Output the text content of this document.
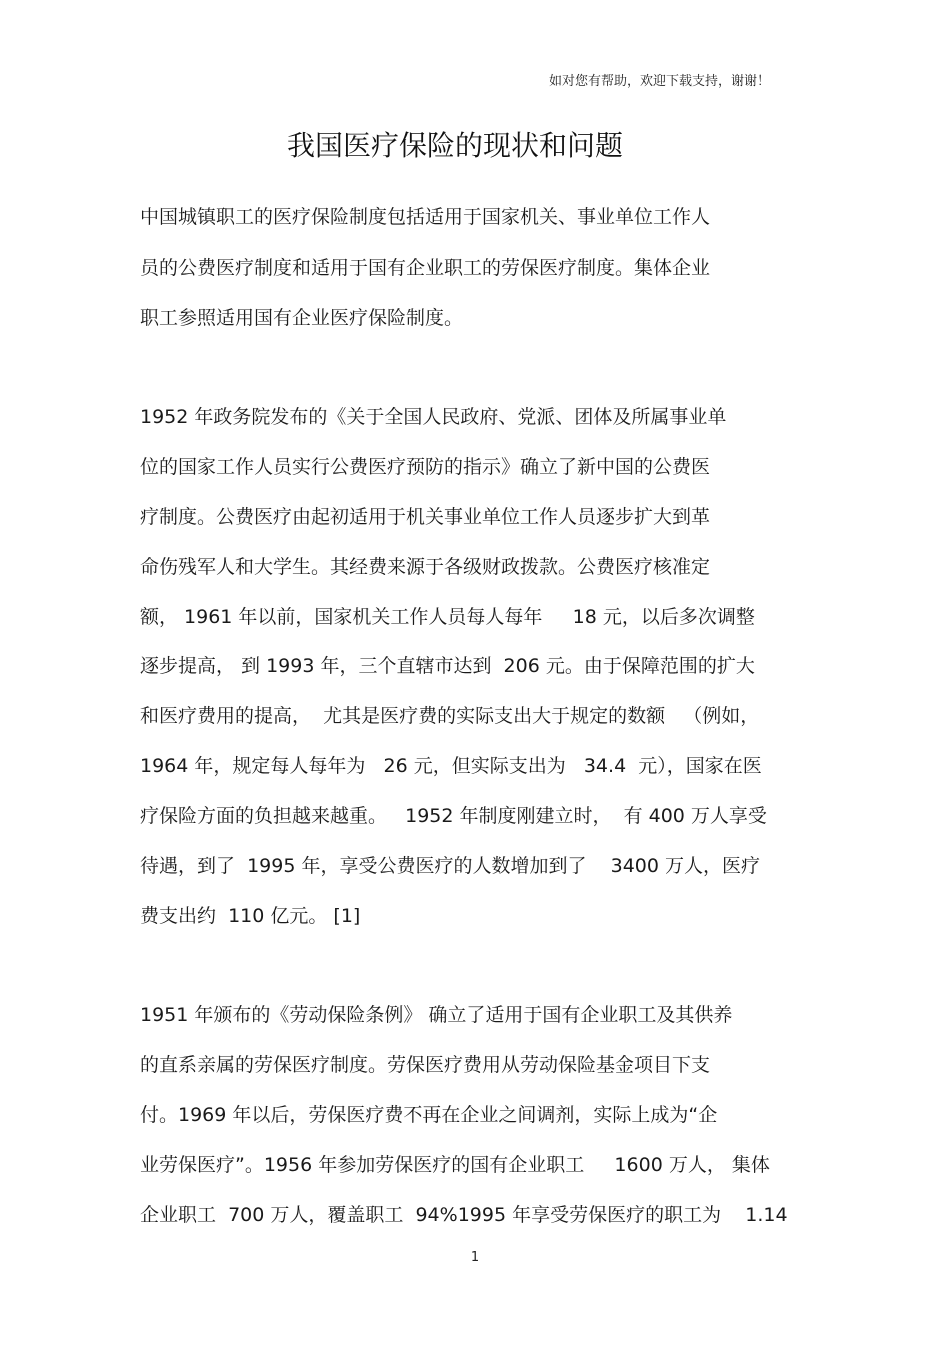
如对您有帮助，欢迎下载支持，谢谢！
我国医疗保险的现状和问题
中国城镇职工的医疗保险制度包括适用于国家机关、事业单位工作人
员的公费医疗制度和适用于国有企业职工的劳保医疗制度。集体企业
职工参照适用国有企业医疗保险制度。
1952 年政务院发布的《关于全国人民政府、党派、团体及所属事业单
位的国家工作人员实行公费医疗预防的指示》确立了新中国的公费医
疗制度。公费医疗由起初适用于机关事业单位工作人员逐步扩大到革
命伤残军人和大学生。其经费来源于各级财政拨款。公费医疗核准定
额， 1961 年以前，国家机关工作人员每人每年     18 元，以后多次调整
逐步提高， 到 1993 年，三个直辖市达到  206 元。由于保障范围的扩大
和医疗费用的提高，  尤其是医疗费的实际支出大于规定的数额   （例如，
1964 年，规定每人每年为   26 元，但实际支出为   34.4  元），国家在医
疗保险方面的负担越来越重。   1952 年制度刚建立时，  有 400 万人享受
待遇，到了  1995 年，享受公费医疗的人数增加到了    3400 万人，医疗
费支出约  110 亿元。 [1]
1951 年颁布的《劳动保险条例》 确立了适用于国有企业职工及其供养
的直系亲属的劳保医疗制度。劳保医疗费用从劳动保险基金项目下支
付。1969 年以后，劳保医疗费不再在企业之间调剂，实际上成为“企
业劳保医疗”。1956 年参加劳保医疗的国有企业职工     1600 万人， 集体
企业职工  700 万人，覆盖职工  94%1995 年享受劳保医疗的职工为    1.14
1
